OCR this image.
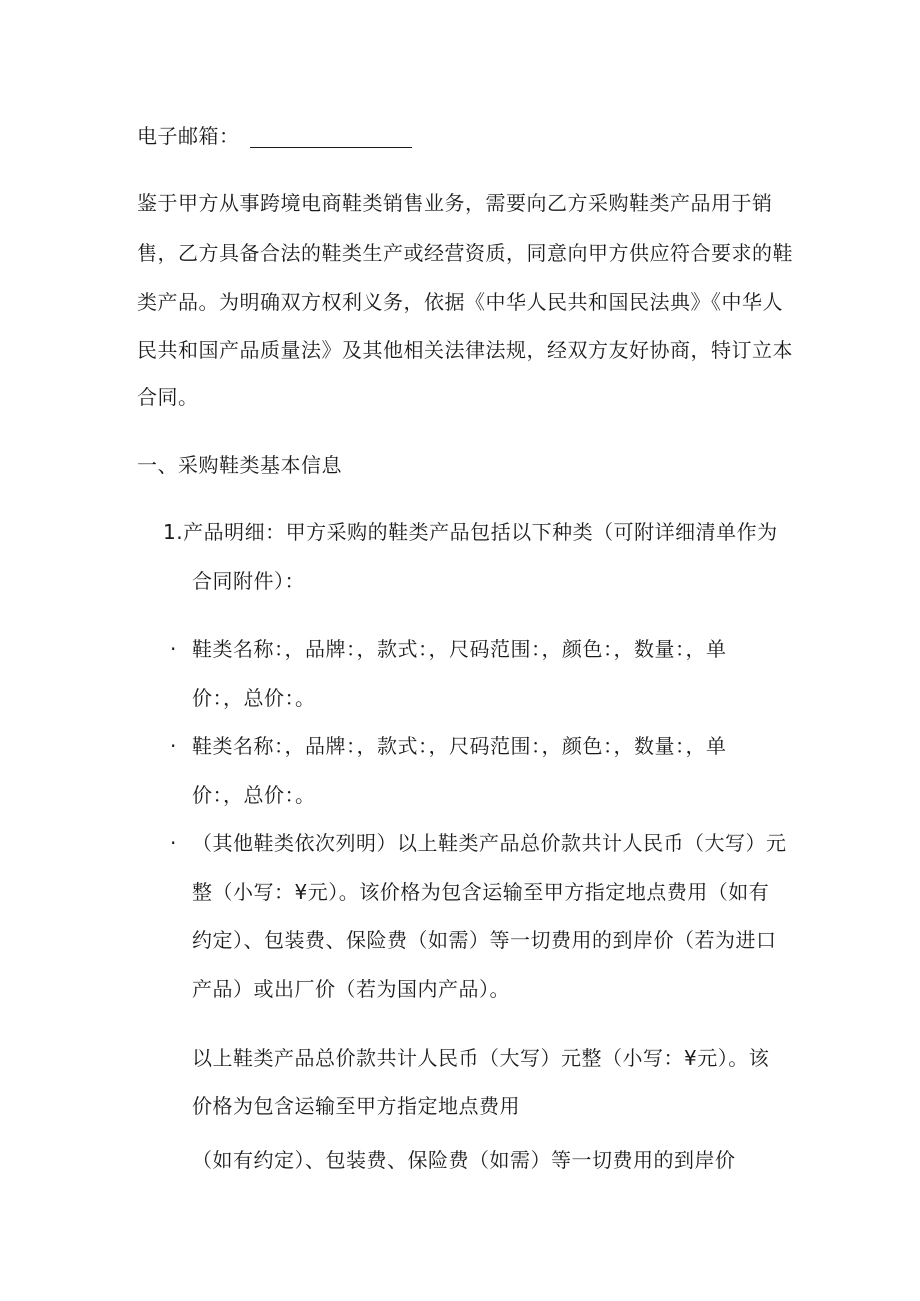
电子邮箱：
鉴于甲方从事跨境电商鞋类销售业务，需要向乙方采购鞋类产品用于销
售，乙方具备合法的鞋类生产或经营资质，同意向甲方供应符合要求的鞋
类产品。为明确双方权利义务，依据《中华人民共和国民法典》《中华人
民共和国产品质量法》及其他相关法律法规，经双方友好协商，特订立本
合同。
一、采购鞋类基本信息
1.产品明细：甲方采购的鞋类产品包括以下种类（可附详细清单作为
合同附件）：
· 鞋类名称：，品牌：，款式：，尺码范围：，颜色：，数量：，单
价：，总价：。
· 鞋类名称：，品牌：，款式：，尺码范围：，颜色：，数量：，单
价：，总价：。
· （其他鞋类依次列明）以上鞋类产品总价款共计人民币（大写）元
整（小写：¥元）。该价格为包含运输至甲方指定地点费用（如有
约定）、包装费、保险费（如需）等一切费用的到岸价（若为进口
产品）或出厂价（若为国内产品）。
以上鞋类产品总价款共计人民币（大写）元整（小写：¥元）。该
价格为包含运输至甲方指定地点费用
（如有约定）、包装费、保险费（如需）等一切费用的到岸价
